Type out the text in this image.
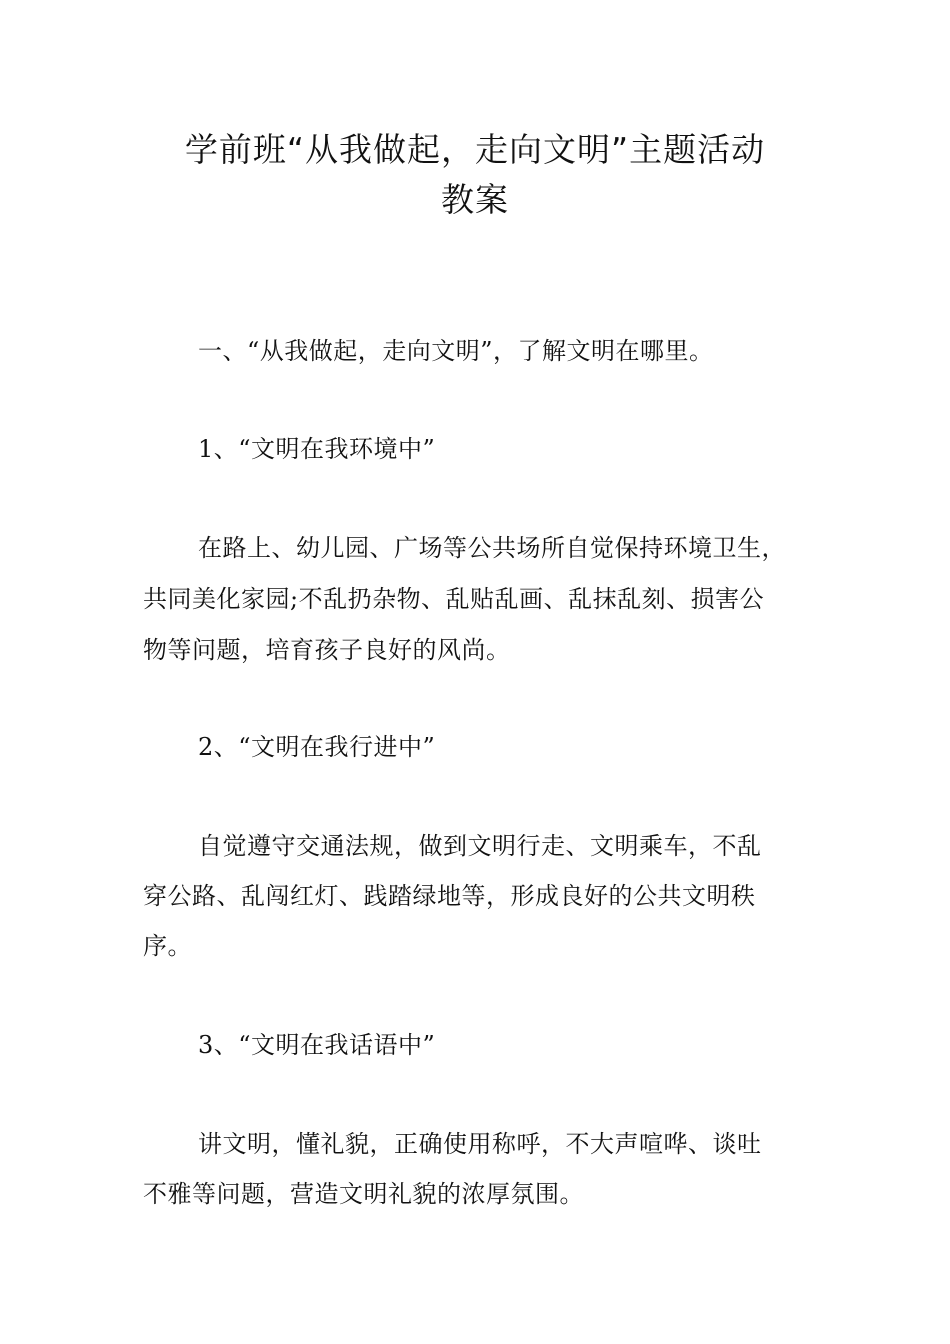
学前班“从我做起，走向文明”主题活动
教案
一、“从我做起，走向文明”，了解文明在哪里。
1、“文明在我环境中”
在路上、幼儿园、广场等公共场所自觉保持环境卫生，
共同美化家园;不乱扔杂物、乱贴乱画、乱抹乱刻、损害公
物等问题，培育孩子良好的风尚。
2、“文明在我行进中”
自觉遵守交通法规，做到文明行走、文明乘车，不乱
穿公路、乱闯红灯、践踏绿地等，形成良好的公共文明秩
序。
3、“文明在我话语中”
讲文明，懂礼貌，正确使用称呼，不大声喧哗、谈吐
不雅等问题，营造文明礼貌的浓厚氛围。
